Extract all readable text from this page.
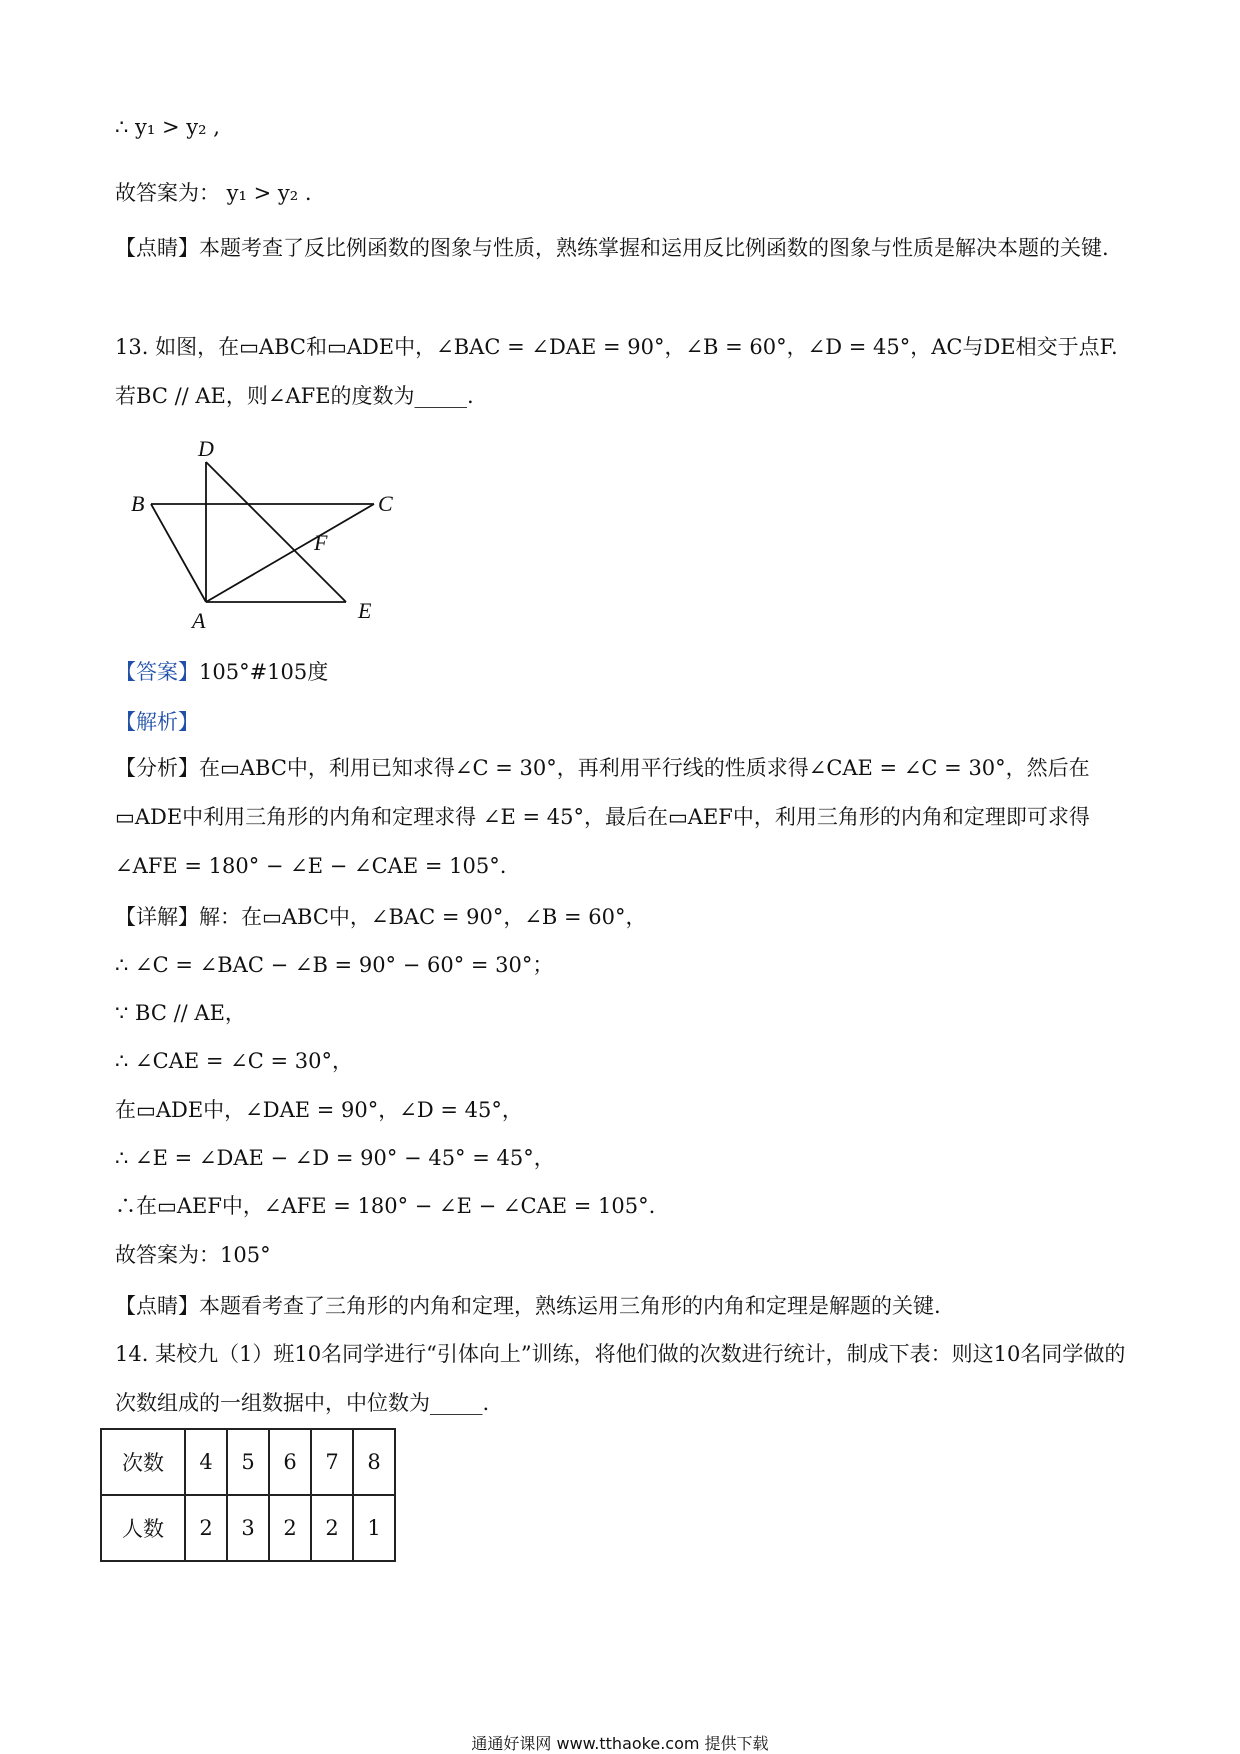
∴ y₁ > y₂ ,
故答案为： y₁ > y₂ .
【点睛】本题考查了反比例函数的图象与性质，熟练掌握和运用反比例函数的图象与性质是解决本题的关键.
13. 如图，在▭ABC和▭ADE中，∠BAC = ∠DAE = 90°，∠B = 60°，∠D = 45°，AC与DE相交于点F. 若BC // AE，则∠AFE的度数为_____.
D
B	C
F
A	E
【答案】105°#105度
【解析】
【分析】在▭ABC中，利用已知求得∠C = 30°，再利用平行线的性质求得∠CAE = ∠C = 30°，然后在▭ADE中利用三角形的内角和定理求得 ∠E = 45°，最后在▭AEF中，利用三角形的内角和定理即可求得∠AFE = 180° − ∠E − ∠CAE = 105°.
【详解】解：在▭ABC中，∠BAC = 90°，∠B = 60°，
∴ ∠C = ∠BAC − ∠B = 90° − 60° = 30°；
∵ BC // AE，
∴ ∠CAE = ∠C = 30°，
在▭ADE中，∠DAE = 90°，∠D = 45°，
∴ ∠E = ∠DAE − ∠D = 90° − 45° = 45°，
∴在▭AEF中，∠AFE = 180° − ∠E − ∠CAE = 105°.
故答案为：105°
【点睛】本题看考查了三角形的内角和定理，熟练运用三角形的内角和定理是解题的关键.
14. 某校九（1）班10名同学进行“引体向上”训练，将他们做的次数进行统计，制成下表：则这10名同学做的次数组成的一组数据中，中位数为_____.
次数	4	5	6	7	8
人数	2	3	2	2	1
通通好课网 www.tthaoke.com 提供下载
